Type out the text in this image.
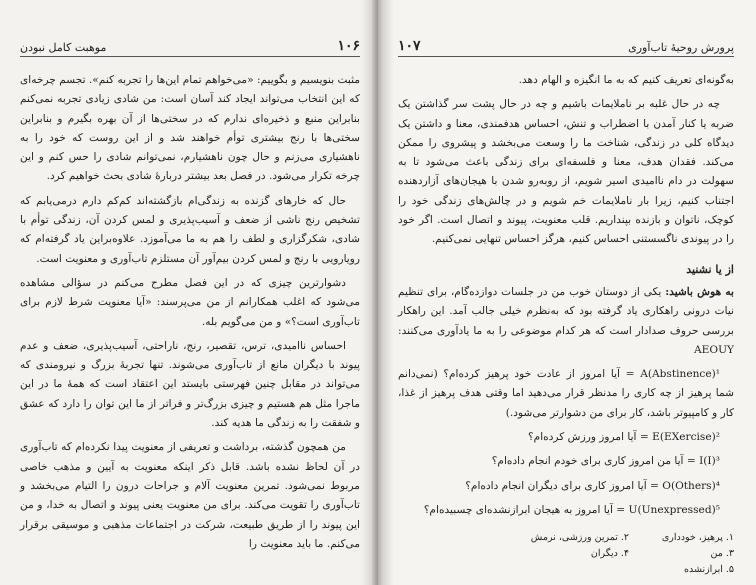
۱۰۶
موهبت کامل نبودن

مثبت بنویسیم و بگوییم: «می‌خواهم تمام این‌ها را تجربه کنم». تجسم چرخه‌ای که این انتخاب می‌تواند ایجاد کند آسان است: من شادی زیادی تجربه نمی‌کنم بنابراین منبع و ذخیره‌ای ندارم که در سختی‌ها از آن بهره بگیرم و بنابراین سختی‌ها با رنج بیشتری توأم خواهند شد و از این روست که خود را به ناهشیاری می‌زنم و حال چون ناهشیارم، نمی‌توانم شادی را حس کنم و این چرخه تکرار می‌شود. در فصل بعد بیشتر دربارهٔ شادی بحث خواهیم کرد.

حال که خارهای گزنده به زندگی‌ام بازگشته‌اند کم‌کم دارم درمی‌یابم که تشخیص رنج ناشی از ضعف و آسیب‌پذیری و لمس کردن آن، زندگی توأم با شادی، شکرگزاری و لطف را هم به ما می‌آموزد. علاوه‌براین یاد گرفته‌ام که رویارویی با رنج و لمس کردن بیم‌آور آن مستلزم تاب‌آوری و معنویت است.

دشوارترین چیزی که در این فصل مطرح می‌کنم در سؤالی مشاهده می‌شود که اغلب همکارانم از من می‌پرسند: «آیا معنویت شرط لازم برای تاب‌آوری است؟» و من می‌گویم بله.

احساس ناامیدی، ترس، تقصیر، رنج، ناراحتی، آسیب‌پذیری، ضعف و عدم پیوند با دیگران مانع از تاب‌آوری می‌شوند. تنها تجربهٔ بزرگ و نیرومندی که می‌تواند در مقابل چنین فهرستی بایستد این اعتقاد است که همهٔ ما در این ماجرا مثل هم هستیم و چیزی بزرگ‌تر و فراتر از ما این توان را دارد که عشق و شفقت را به زندگی ما هدیه کند.

من همچون گذشته، برداشت و تعریفی از معنویت پیدا نکرده‌ام که تاب‌آوری در آن لحاظ نشده باشد. قابل ذکر اینکه معنویت به آیین و مذهب خاصی مربوط نمی‌شود. تمرین معنویت آلام و جراحات درون را التیام می‌بخشد و تاب‌آوری را تقویت می‌کند. برای من معنویت یعنی پیوند و اتصال به خدا، و من این پیوند را از طریق طبیعت، شرکت در اجتماعات مذهبی و موسیقی برقرار می‌کنم. ما باید معنویت را

پرورش روحیهٔ تاب‌آوری
۱۰۷

به‌گونه‌ای تعریف کنیم که به ما انگیزه و الهام دهد.

چه در حال غلبه بر ناملایمات باشیم و چه در حال پشت سر گذاشتن یک ضربه یا کنار آمدن با اضطراب و تنش، احساس هدفمندی، معنا و داشتن یک دیدگاه کلی در زندگی، شناخت ما را وسعت می‌بخشد و پیشروی را ممکن می‌کند. فقدان هدف، معنا و فلسفه‌ای برای زندگی باعث می‌شود تا به سهولت در دام ناامیدی اسیر شویم، از روبه‌رو شدن با هیجان‌های آزاردهنده اجتناب کنیم، زیرا بار ناملایمات خم شویم و در چالش‌های زندگی خود را کوچک، ناتوان و بازنده بپنداریم. قلب معنویت، پیوند و اتصال است. اگر خود را در پیوندی ناگسستنی احساس کنیم، هرگز احساس تنهایی نمی‌کنیم.

از یا نشنید

به هوش باشید: یکی از دوستان خوب من در جلسات دوازده‌گام، برای تنظیم نیات درونی راهکاری یاد گرفته بود که به‌نظرم خیلی جالب آمد. این راهکار بررسی حروف صدادار است که هر کدام موضوعی را به ما یادآوری می‌کنند: AEOUY

A(Abstinence)¹ = آیا امروز از عادت خود پرهیز کرده‌ام؟ (نمی‌دانم شما پرهیز از چه کاری را مدنظر قرار می‌دهید اما وقتی هدف پرهیز از غذا، کار و کامپیوتر باشد، کار برای من دشوارتر می‌شود.)

E(EXercise)² = آیا امروز ورزش کرده‌ام؟

I(I)³ = آیا من امروز کاری برای خودم انجام داده‌ام؟

O(Others)⁴ = آیا امروز کاری برای دیگران انجام داده‌ام؟

U(Unexpressed)⁵ = آیا امروز به هیجان ابرازنشده‌ای چسبیده‌ام؟

۱. پرهیز، خودداری
۲. تمرین ورزشی، نرمش
۳. من
۴. دیگران
۵. ابرازنشده
